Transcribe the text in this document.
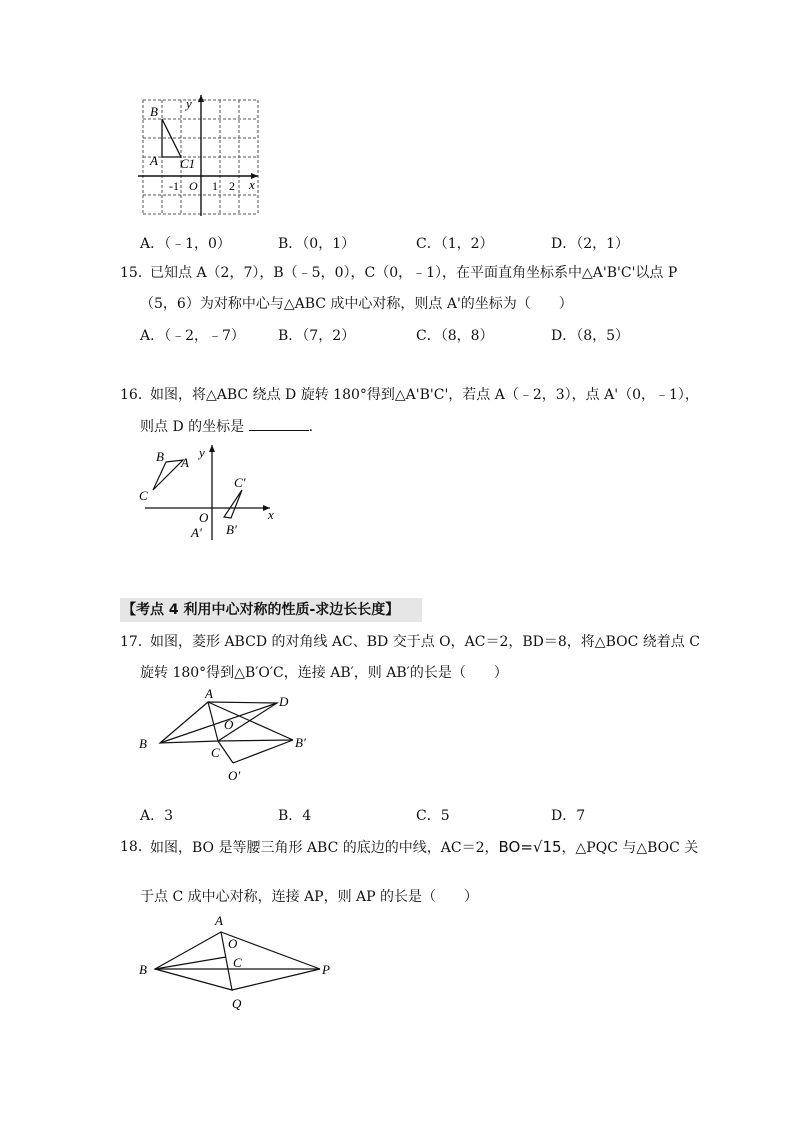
B
A C1
y
x
-1 O 1 2
A．（﹣1，0）	B．（0，1）	C．（1，2）	D．（2，1）
15．
已知点 A（2，7），B（﹣5，0），C（0，﹣1），在平面直角坐标系中△A'B'C'以点 P
（5，6）为对称中心与△ABC 成中心对称，则点 A'的坐标为（　　）
A．（﹣2，﹣7） B．（7，2）	C．（8，8）	D．（8，5）
16．
如图，将△ABC 绕点 D 旋转 180°得到△A'B'C'，若点 A（﹣2，3），点 A'（0，﹣1），
则点 D 的坐标是	.
B A
C
y
C′
O	x
A′ B′
【考点 4 利用中心对称的性质-求边长长度】
17．
如图，菱形 ABCD 的对角线 AC、BD 交于点 O，AC＝2，BD＝8，将△BOC 绕着点 C
旋转 180°得到△B′O′C，连接 AB′，则 AB′的长是（　　）
A
D
O
B
C
B′
O′
A．3	B．4	C．5	D．7
18．
如图，BO 是等腰三角形 ABC 的底边的中线，AC＝2，BO=√15，△PQC 与△BOC 关
于点 C 成中心对称，连接 AP，则 AP 的长是（　　）
A
O
B	C	P
Q
